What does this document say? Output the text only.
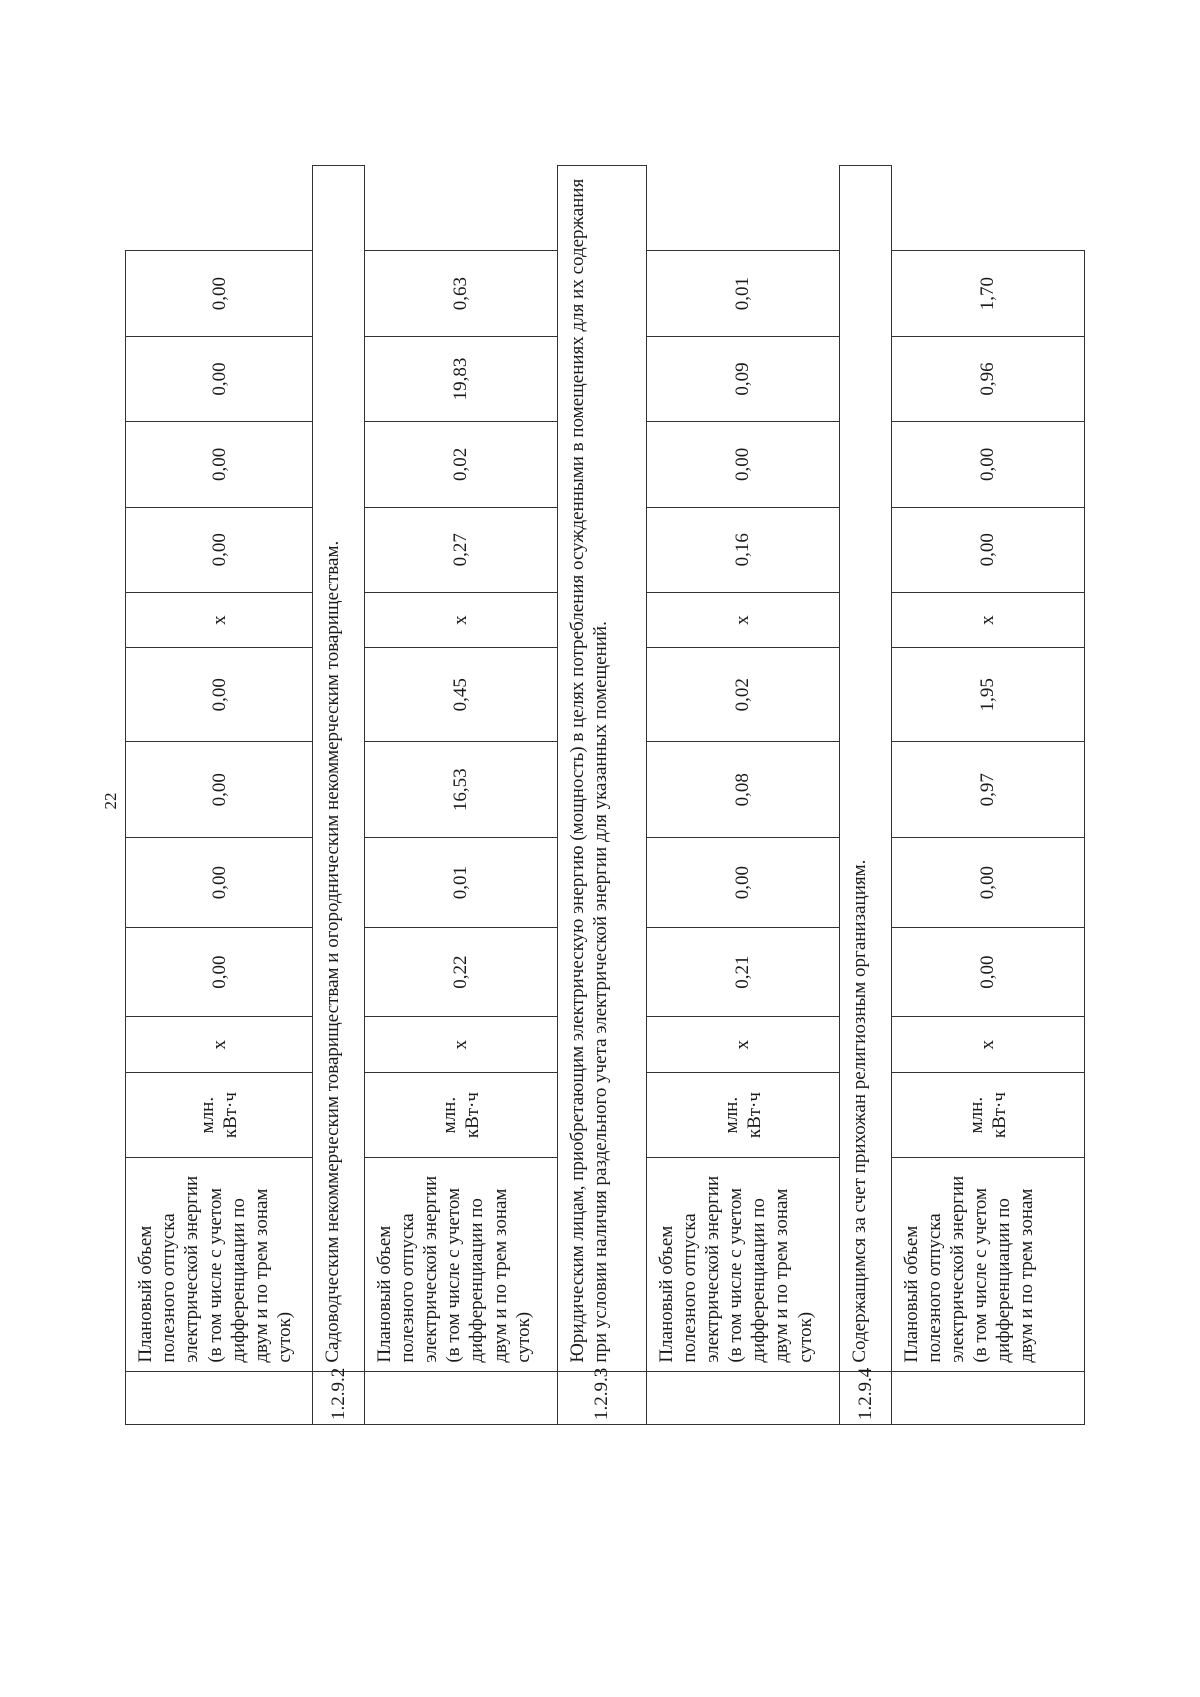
22
	Плановый объем полезного отпуска электрической энергии (в том числе с учетом дифференциации по двум и по трем зонам суток)	млн. кВт·ч	x	0,00	0,00	0,00	0,00	x	0,00	0,00	0,00	0,00
1.2.9.2	Садоводческим некоммерческим товариществам и огородническим некоммерческим товариществам.											
	Плановый объем полезного отпуска электрической энергии (в том числе с учетом дифференциации по двум и по трем зонам суток)	млн. кВт·ч	x	0,22	0,01	16,53	0,45	x	0,27	0,02	19,83	0,63
1.2.9.3	Юридическим лицам, приобретающим электрическую энергию (мощность) в целях потребления осужденными в помещениях для их содержания при условии наличия раздельного учета электрической энергии для указанных помещений.											
	Плановый объем полезного отпуска электрической энергии (в том числе с учетом дифференциации по двум и по трем зонам суток)	млн. кВт·ч	x	0,21	0,00	0,08	0,02	x	0,16	0,00	0,09	0,01
1.2.9.4	Содержащимся за счет прихожан религиозным организациям.											
	Плановый объем полезного отпуска электрической энергии (в том числе с учетом дифференциации по двум и по трем зонам	млн. кВт·ч	x	0,00	0,00	0,97	1,95	x	0,00	0,00	0,96	1,70
